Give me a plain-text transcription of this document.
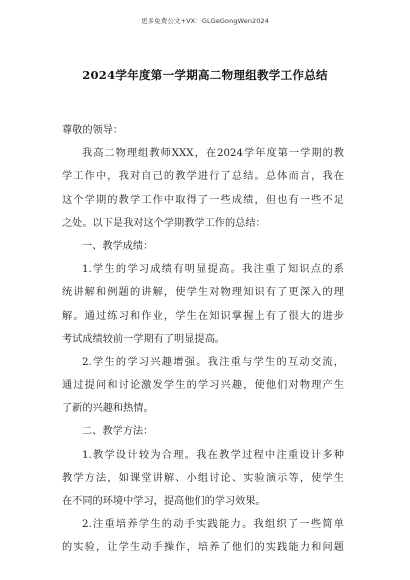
更多免费公文+VX：GLGeGongWen2024
2024学年度第一学期高二物理组教学工作总结
尊敬的领导：
我高二物理组教师XXX，在2024学年度第一学期的教
学工作中，我对自己的教学进行了总结。总体而言，我在
这个学期的教学工作中取得了一些成绩，但也有一些不足
之处。以下是我对这个学期教学工作的总结：
一、教学成绩：
1.学生的学习成绩有明显提高。我注重了知识点的系
统讲解和例题的讲解，使学生对物理知识有了更深入的理
解。通过练习和作业，学生在知识掌握上有了很大的进步
考试成绩较前一学期有了明显提高。
2.学生的学习兴趣增强。我注重与学生的互动交流，
通过提问和讨论激发学生的学习兴趣，使他们对物理产生
了新的兴趣和热情。
二、教学方法：
1.教学设计较为合理。我在教学过程中注重设计多种
教学方法，如课堂讲解、小组讨论、实验演示等，使学生
在不同的环境中学习，提高他们的学习效果。
2.注重培养学生的动手实践能力。我组织了一些简单
的实验，让学生动手操作，培养了他们的实践能力和问题
